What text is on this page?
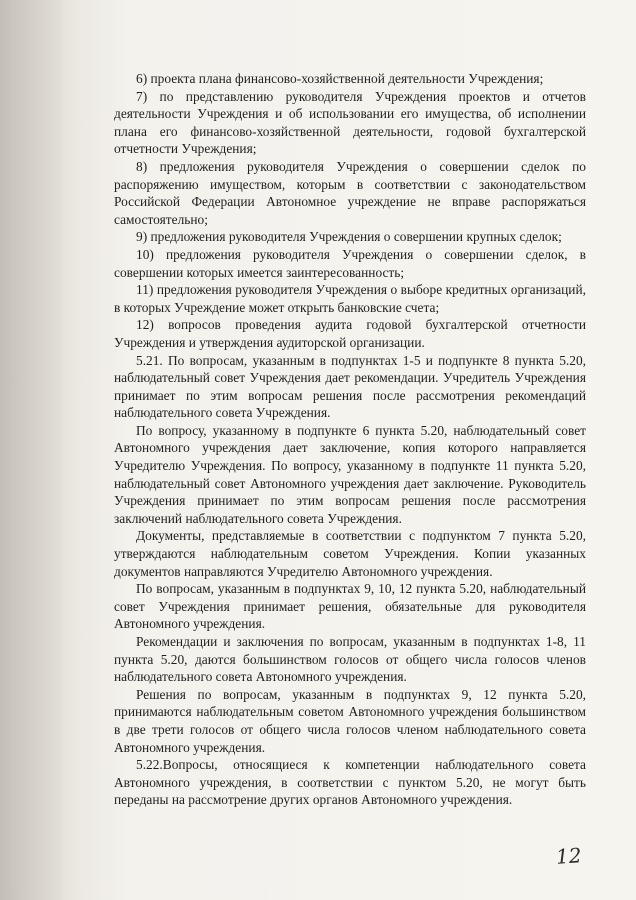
6) проекта плана финансово-хозяйственной деятельности Учреждения;

7) по представлению руководителя Учреждения проектов и отчетов деятельности Учреждения и об использовании его имущества, об исполнении плана его финансово-хозяйственной деятельности, годовой бухгалтерской отчетности Учреждения;

8) предложения руководителя Учреждения о совершении сделок по распоряжению имуществом, которым в соответствии с законодательством Российской Федерации Автономное учреждение не вправе распоряжаться самостоятельно;

9) предложения руководителя Учреждения о совершении крупных сделок;

10) предложения руководителя Учреждения о совершении сделок, в совершении которых имеется заинтересованность;

11) предложения руководителя Учреждения о выборе кредитных организаций, в которых Учреждение может открыть банковские счета;

12) вопросов проведения аудита годовой бухгалтерской отчетности Учреждения и утверждения аудиторской организации.

5.21. По вопросам, указанным в подпунктах 1-5 и подпункте 8 пункта 5.20, наблюдательный совет Учреждения дает рекомендации. Учредитель Учреждения принимает по этим вопросам решения после рассмотрения рекомендаций наблюдательного совета Учреждения.

По вопросу, указанному в подпункте 6 пункта 5.20, наблюдательный совет Автономного учреждения дает заключение, копия которого направляется Учредителю Учреждения. По вопросу, указанному в подпункте 11 пункта 5.20, наблюдательный совет Автономного учреждения дает заключение. Руководитель Учреждения принимает по этим вопросам решения после рассмотрения заключений наблюдательного совета Учреждения.

Документы, представляемые в соответствии с подпунктом 7 пункта 5.20, утверждаются наблюдательным советом Учреждения. Копии указанных документов направляются Учредителю Автономного учреждения.

По вопросам, указанным в подпунктах 9, 10, 12 пункта 5.20, наблюдательный совет Учреждения принимает решения, обязательные для руководителя Автономного учреждения.

Рекомендации и заключения по вопросам, указанным в подпунктах 1-8, 11 пункта 5.20, даются большинством голосов от общего числа голосов членов наблюдательного совета Автономного учреждения.

Решения по вопросам, указанным в подпунктах 9, 12 пункта 5.20, принимаются наблюдательным советом Автономного учреждения большинством в две трети голосов от общего числа голосов членом наблюдательного совета Автономного учреждения.

5.22.Вопросы, относящиеся к компетенции наблюдательного совета Автономного учреждения, в соответствии с пунктом 5.20, не могут быть переданы на рассмотрение других органов Автономного учреждения.

12
